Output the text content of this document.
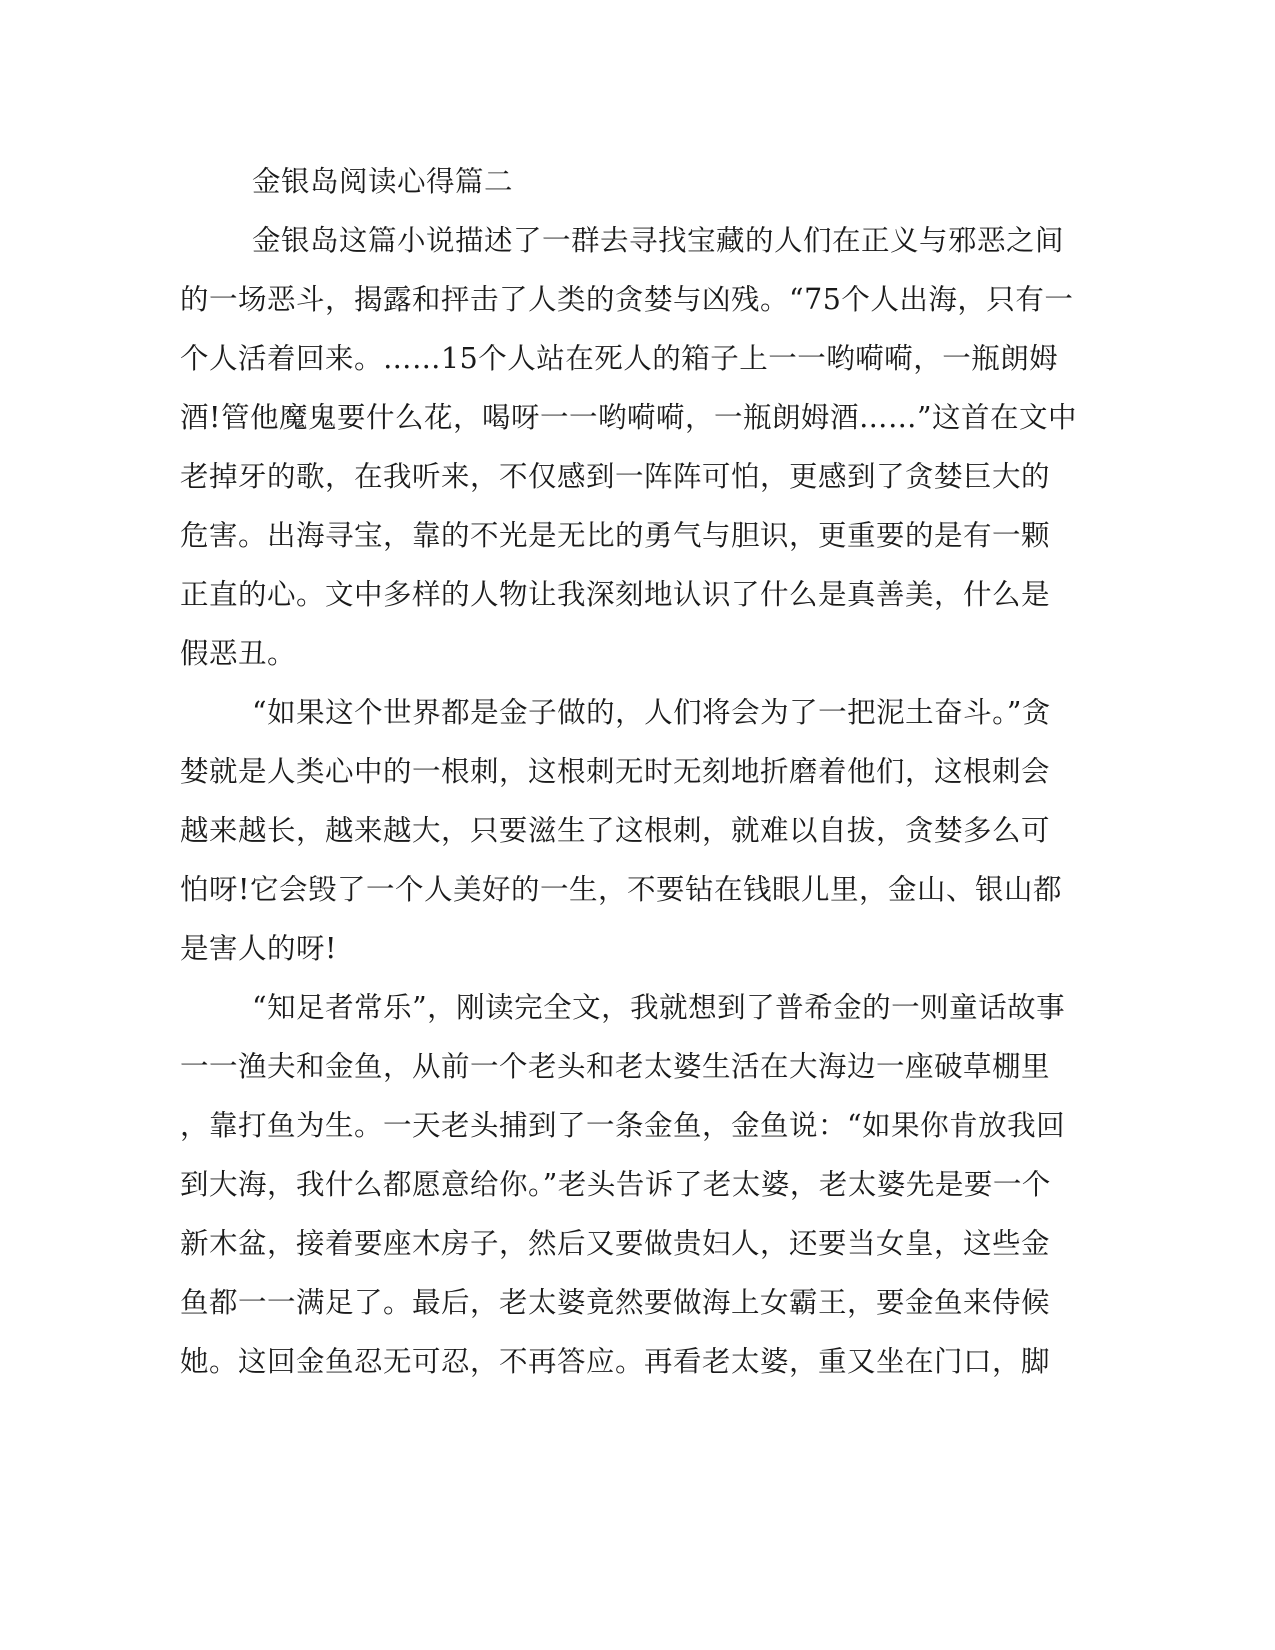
金银岛阅读心得篇二
金银岛这篇小说描述了一群去寻找宝藏的人们在正义与邪恶之间
的一场恶斗，揭露和抨击了人类的贪婪与凶残。“75个人出海，只有一
个人活着回来。……15个人站在死人的箱子上一一哟嗬嗬，一瓶朗姆
酒!管他魔鬼要什么花，喝呀一一哟嗬嗬，一瓶朗姆酒……”这首在文中
老掉牙的歌，在我听来，不仅感到一阵阵可怕，更感到了贪婪巨大的
危害。出海寻宝，靠的不光是无比的勇气与胆识，更重要的是有一颗
正直的心。文中多样的人物让我深刻地认识了什么是真善美，什么是
假恶丑。
“如果这个世界都是金子做的，人们将会为了一把泥土奋斗。”贪
婪就是人类心中的一根刺，这根刺无时无刻地折磨着他们，这根刺会
越来越长，越来越大，只要滋生了这根刺，就难以自拔，贪婪多么可
怕呀!它会毁了一个人美好的一生，不要钻在钱眼儿里，金山、银山都
是害人的呀!
“知足者常乐”，刚读完全文，我就想到了普希金的一则童话故事
一一渔夫和金鱼，从前一个老头和老太婆生活在大海边一座破草棚里
，靠打鱼为生。一天老头捕到了一条金鱼，金鱼说：“如果你肯放我回
到大海，我什么都愿意给你。”老头告诉了老太婆，老太婆先是要一个
新木盆，接着要座木房子，然后又要做贵妇人，还要当女皇，这些金
鱼都一一满足了。最后，老太婆竟然要做海上女霸王，要金鱼来侍候
她。这回金鱼忍无可忍，不再答应。再看老太婆，重又坐在门口，脚
